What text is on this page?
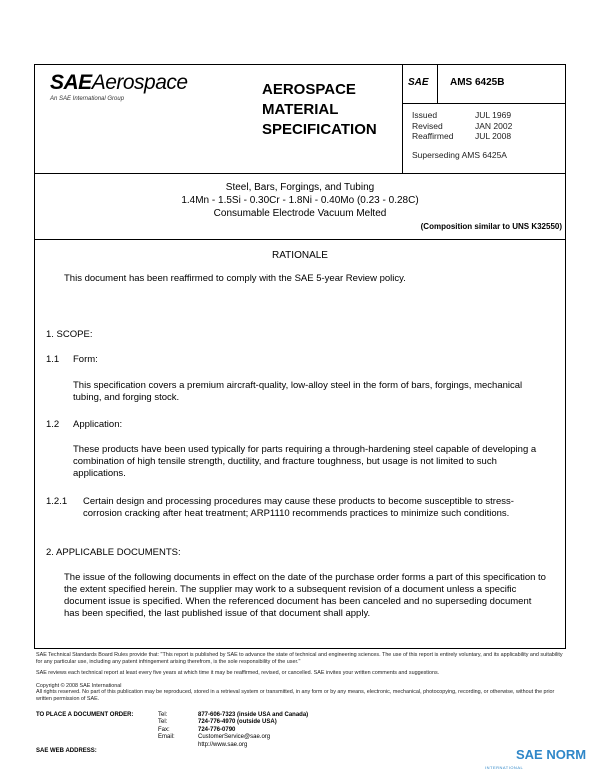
SAEAerospace
An SAE International Group
AEROSPACE
MATERIAL
SPECIFICATION
SAE AMS 6425B
Issued
Revised
Reaffirmed
JUL 1969
JAN 2002
JUL 2008
Superseding AMS 6425A
Steel, Bars, Forgings, and Tubing
1.4Mn - 1.5Si - 0.30Cr - 1.8Ni - 0.40Mo (0.23 - 0.28C)
Consumable Electrode Vacuum Melted
(Composition similar to UNS K32550)
RATIONALE
This document has been reaffirmed to comply with the SAE 5-year Review policy.
1. SCOPE:
1.1 Form:
This specification covers a premium aircraft-quality, low-alloy steel in the form of bars, forgings, mechanical tubing, and forging stock.
1.2 Application:
These products have been used typically for parts requiring a through-hardening steel capable of developing a combination of high tensile strength, ductility, and fracture toughness, but usage is not limited to such applications.
1.2.1 Certain design and processing procedures may cause these products to become susceptible to stress-corrosion cracking after heat treatment; ARP1110 recommends practices to minimize such conditions.
2. APPLICABLE DOCUMENTS:
The issue of the following documents in effect on the date of the purchase order forms a part of this specification to the extent specified herein. The supplier may work to a subsequent revision of a document unless a specific document issue is specified. When the referenced document has been canceled and no superseding document has been specified, the last published issue of that document shall apply.
SAE Technical Standards Board Rules provide that: "This report is published by SAE to advance the state of technical and engineering sciences. The use of this report is entirely voluntary, and its applicability and suitability for any particular use, including any patent infringement arising therefrom, is the sole responsibility of the user."
SAE reviews each technical report at least every five years at which time it may be reaffirmed, revised, or cancelled. SAE invites your written comments and suggestions.
Copyright © 2008 SAE International
All rights reserved. No part of this publication may be reproduced, stored in a retrieval system or transmitted, in any form or by any means, electronic, mechanical, photocopying, recording, or otherwise, without the prior written permission of SAE.
TO PLACE A DOCUMENT ORDER:
SAE WEB ADDRESS:
Tel:
Tel:
Fax:
Email:
877-606-7323 (inside USA and Canada)
724-776-4970 (outside USA)
724-776-0790
CustomerService@sae.org
http://www.sae.org
SAE NORM
INTERNATIONAL
